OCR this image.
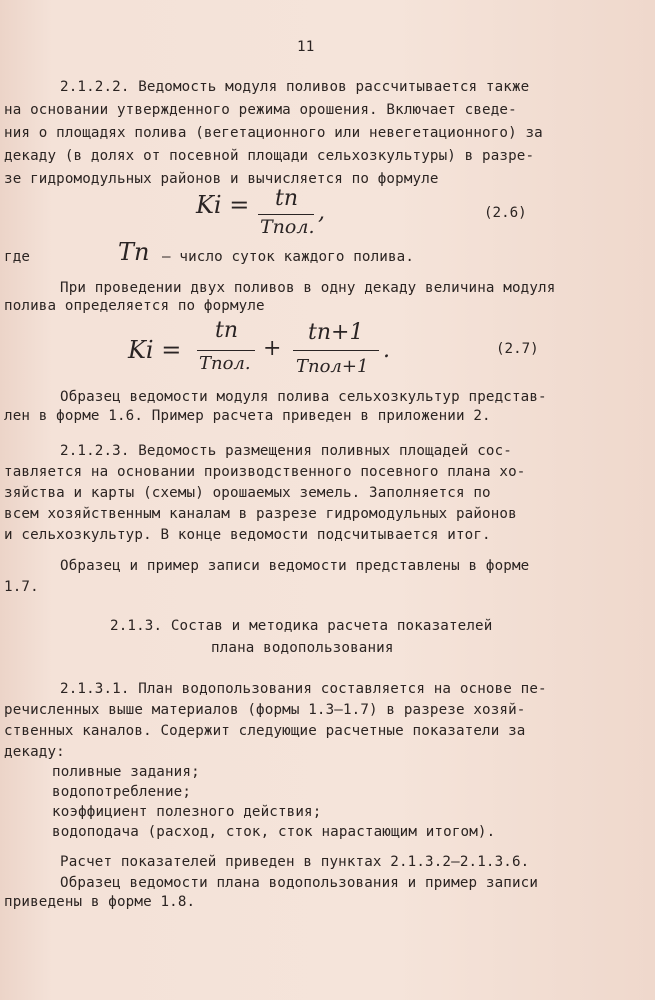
11
2.1.2.2. Ведомость модуля поливов рассчитывается также
на основании утвержденного режима орошения. Включает сведе-
ния о площадях полива (вегетационного или невегетационного) за
декаду (в долях от посевной площади сельхозкультуры) в разре-
зе гидромодульных районов и вычисляется по формуле
Ki = tn
Tпол.
,	(2.6)
где	Tn – число суток каждого полива.
При проведении двух поливов в одну декаду величина модуля
полива определяется по формуле
Ki =
tn
Tпол.
+
tn+1
Tпол+1
.	(2.7)
Образец ведомости модуля полива сельхозкультур представ-
лен в форме 1.6. Пример расчета приведен в приложении 2.
2.1.2.3. Ведомость размещения поливных площадей сос-
тавляется на основании производственного посевного плана хо-
зяйства и карты (схемы) орошаемых земель. Заполняется по
всем хозяйственным каналам в разрезе гидромодульных районов
и сельхозкультур. В конце ведомости подсчитывается итог.
Образец и пример записи ведомости представлены в форме
1.7.
2.1.3. Состав и методика расчета показателей
плана водопользования
2.1.3.1. План водопользования составляется на основе пе-
речисленных выше материалов (формы 1.3–1.7) в разрезе хозяй-
ственных каналов. Содержит следующие расчетные показатели за
декаду:
поливные задания;
водопотребление;
коэффициент полезного действия;
водоподача (расход, сток, сток нарастающим итогом).
Расчет показателей приведен в пунктах 2.1.3.2–2.1.3.6.
Образец ведомости плана водопользования и пример записи
приведены в форме 1.8.
